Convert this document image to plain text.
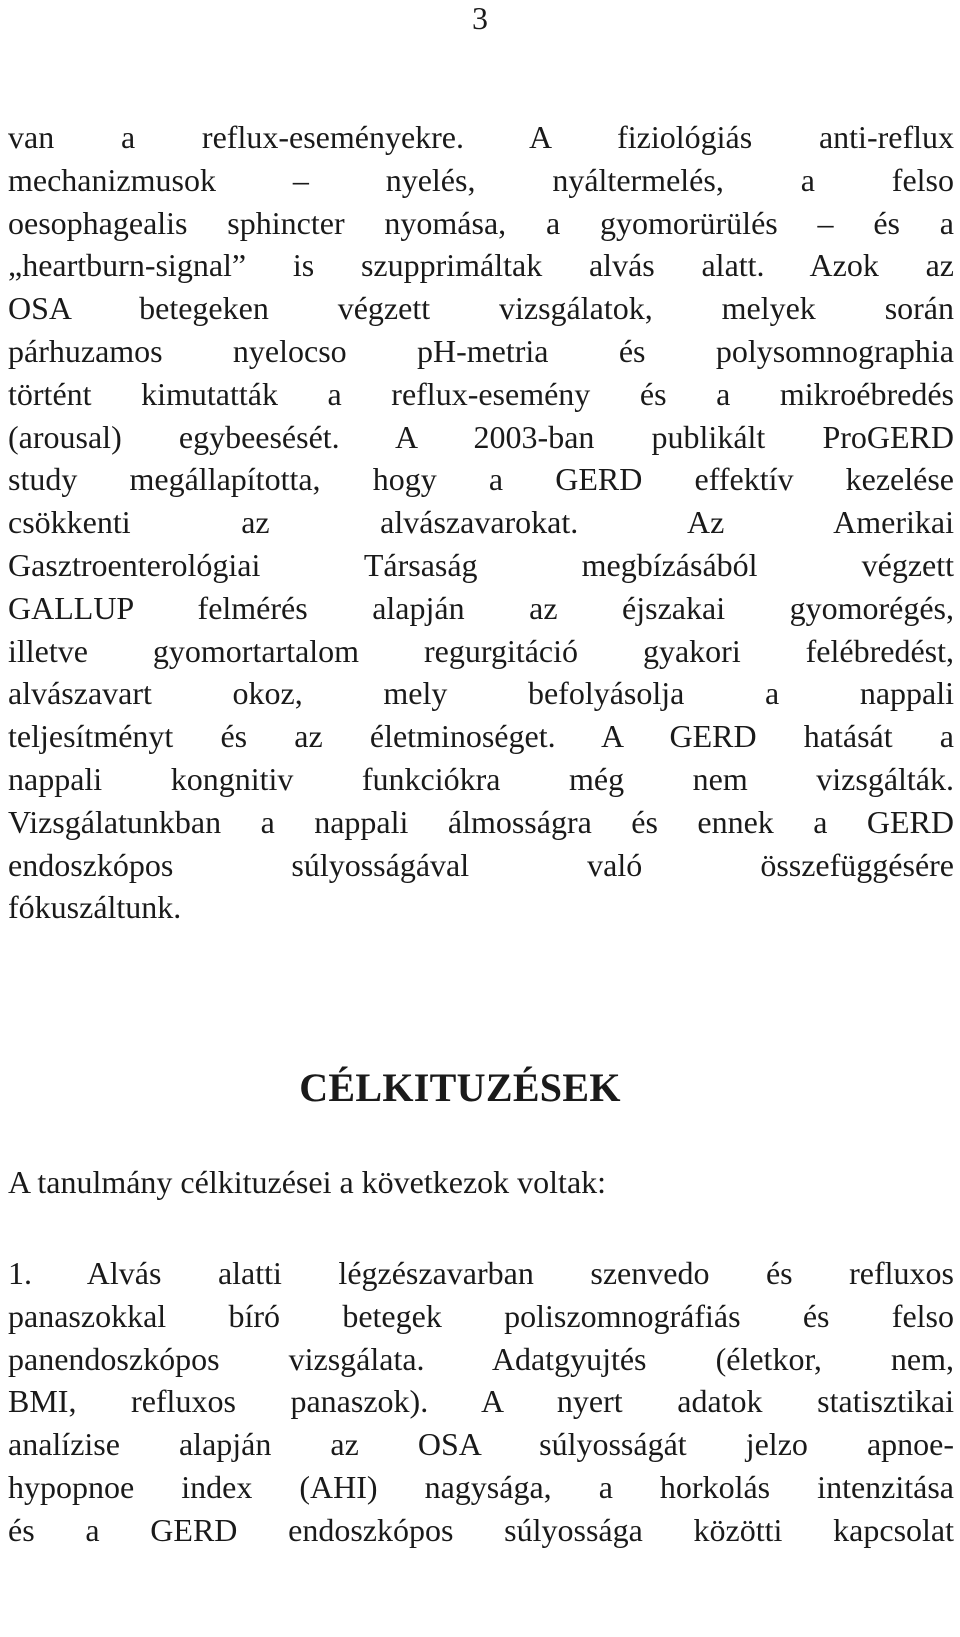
3
van a reflux-eseményekre. A fiziológiás anti-reflux
mechanizmusok – nyelés, nyáltermelés, a felso
oesophagealis sphincter nyomása, a gyomorürülés – és a
„heartburn-signal” is szupprimáltak alvás alatt. Azok az
OSA betegeken végzett vizsgálatok, melyek során
párhuzamos nyelocso pH-metria és polysomnographia
történt kimutatták a reflux-esemény és a mikroébredés
(arousal) egybeesését. A 2003-ban publikált ProGERD
study megállapította, hogy a GERD effektív kezelése
csökkenti az alvászavarokat. Az Amerikai
Gasztroenterológiai Társaság megbízásából végzett
GALLUP felmérés alapján az éjszakai gyomorégés,
illetve gyomortartalom regurgitáció gyakori felébredést,
alvászavart okoz, mely befolyásolja a nappali
teljesítményt és az életminoséget. A GERD hatását a
nappali kongnitiv funkciókra még nem vizsgálták.
Vizsgálatunkban a nappali álmosságra és ennek a GERD
endoszkópos súlyosságával való összefüggésére
fókuszáltunk.
CÉLKITUZÉSEK
A tanulmány célkituzései a következok voltak:
1. Alvás alatti légzészavarban szenvedo és refluxos
panaszokkal bíró betegek poliszomnográfiás és felso
panendoszkópos vizsgálata. Adatgyujtés (életkor, nem,
BMI, refluxos panaszok). A nyert adatok statisztikai
analízise alapján az OSA súlyosságát jelzo apnoe-
hypopnoe index (AHI) nagysága, a horkolás intenzitása
és a GERD endoszkópos súlyossága közötti kapcsolat
